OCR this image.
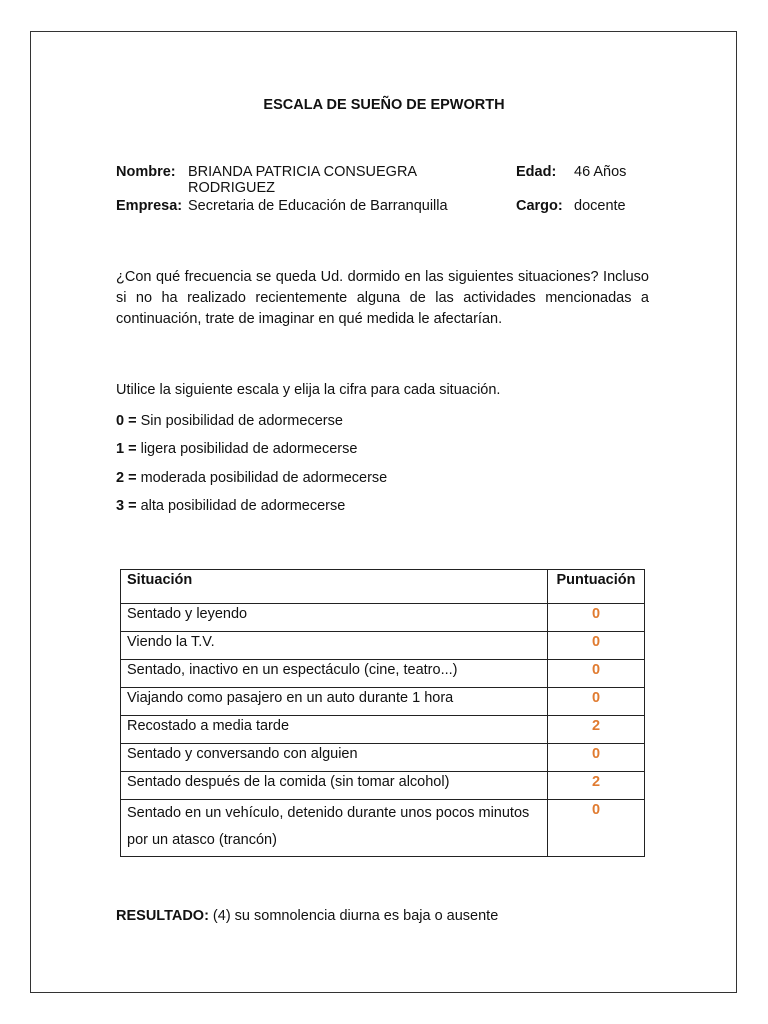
ESCALA DE SUEÑO DE EPWORTH
Nombre: BRIANDA PATRICIA CONSUEGRA RODRIGUEZ
Edad: 46 Años
Empresa: Secretaria de Educación de Barranquilla	Cargo: docente
¿Con qué frecuencia se queda Ud. dormido en las siguientes situaciones? Incluso si no ha realizado recientemente alguna de las actividades mencionadas a continuación, trate de imaginar en qué medida le afectarían.
Utilice la siguiente escala y elija la cifra para cada situación.
0 = Sin posibilidad de adormecerse
1 = ligera posibilidad de adormecerse
2 = moderada posibilidad de adormecerse
3 = alta posibilidad de adormecerse
Situación	Puntuación
Sentado y leyendo	0
Viendo la T.V.	0
Sentado, inactivo en un espectáculo (cine, teatro...)	0
Viajando como pasajero en un auto durante 1 hora	0
Recostado a media tarde	2
Sentado y conversando con alguien	0
Sentado después de la comida (sin tomar alcohol)	2
Sentado en un vehículo, detenido durante unos pocos minutos por un atasco (trancón)	0
RESULTADO: (4) su somnolencia diurna es baja o ausente
